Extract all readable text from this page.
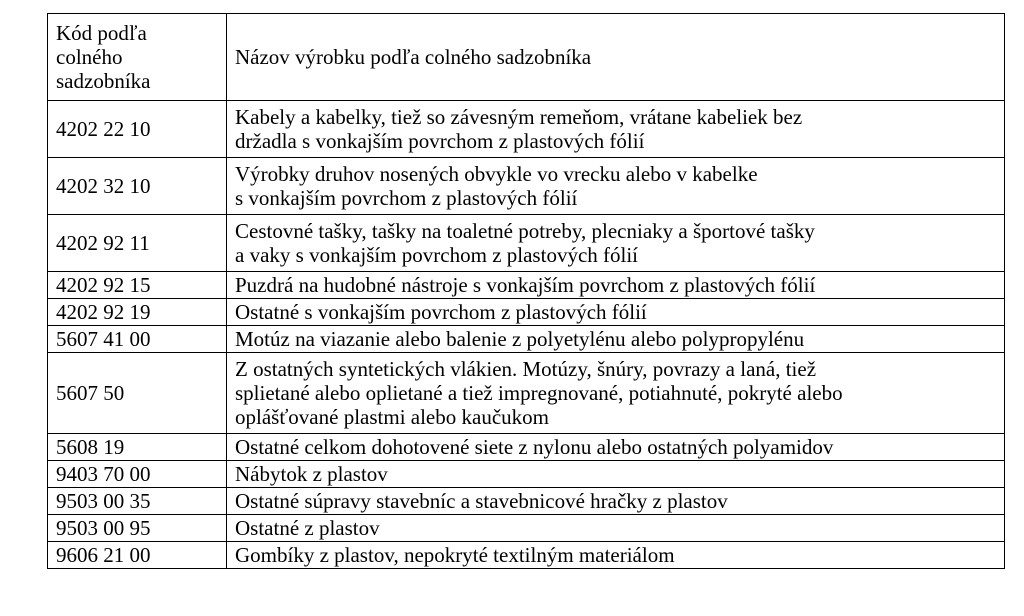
Kód podľa
colného
sadzobníka	Názov výrobku podľa colného sadzobníka
4202 22 10	Kabely a kabelky, tiež so závesným remeňom, vrátane kabeliek bez
držadla s vonkajším povrchom z plastových fólií
4202 32 10	Výrobky druhov nosených obvykle vo vrecku alebo v kabelke
s vonkajším povrchom z plastových fólií
4202 92 11	Cestovné tašky, tašky na toaletné potreby, plecniaky a športové tašky
a vaky s vonkajším povrchom z plastových fólií
4202 92 15	Puzdrá na hudobné nástroje s vonkajším povrchom z plastových fólií
4202 92 19	Ostatné s vonkajším povrchom z plastových fólií
5607 41 00	Motúz na viazanie alebo balenie z polyetylénu alebo polypropylénu
5607 50	Z ostatných syntetických vlákien. Motúzy, šnúry, povrazy a laná, tiež
splietané alebo oplietané a tiež impregnované, potiahnuté, pokryté alebo
oplášťované plastmi alebo kaučukom
5608 19	Ostatné celkom dohotovené siete z nylonu alebo ostatných polyamidov
9403 70 00	Nábytok z plastov
9503 00 35	Ostatné súpravy stavebníc a stavebnicové hračky z plastov
9503 00 95	Ostatné z plastov
9606 21 00	Gombíky z plastov, nepokryté textilným materiálom
